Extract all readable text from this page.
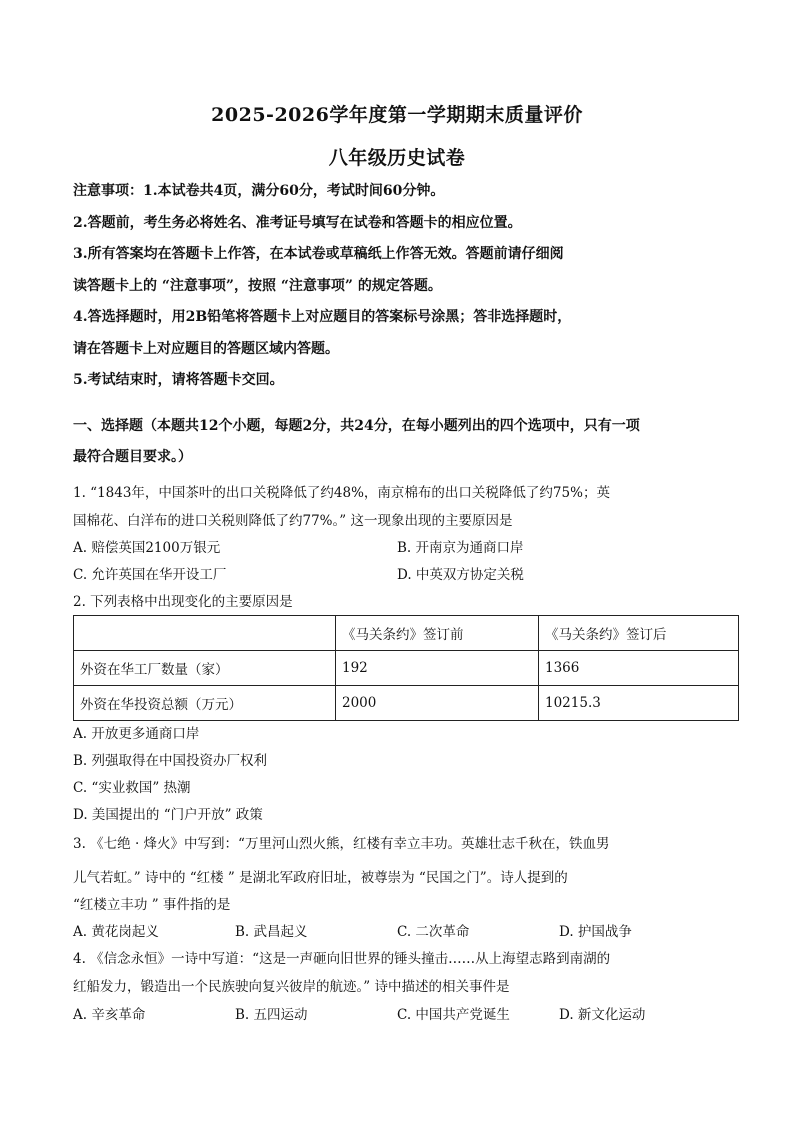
2025-2026学年度第一学期期末质量评价
八年级历史试卷
注意事项：1.本试卷共4页，满分60分，考试时间60分钟。
2.答题前，考生务必将姓名、准考证号填写在试卷和答题卡的相应位置。
3.所有答案均在答题卡上作答，在本试卷或草稿纸上作答无效。答题前请仔细阅
读答题卡上的 “注意事项”，按照 “注意事项” 的规定答题。
4.答选择题时，用2B铅笔将答题卡上对应题目的答案标号涂黑；答非选择题时，
请在答题卡上对应题目的答题区域内答题。
5.考试结束时，请将答题卡交回。
一、选择题（本题共12个小题，每题2分，共24分，在每小题列出的四个选项中，只有一项
最符合题目要求。）
1. “1843年，中国茶叶的出口关税降低了约48%，南京棉布的出口关税降低了约75%；英
国棉花、白洋布的进口关税则降低了约77%。” 这一现象出现的主要原因是
A. 赔偿英国2100万银元	B. 开南京为通商口岸
C. 允许英国在华开设工厂	D. 中英双方协定关税
2. 下列表格中出现变化的主要原因是
	《马关条约》签订前	《马关条约》签订后
外资在华工厂数量（家）	192	1366
外资在华投资总额（万元）	2000	10215.3
A. 开放更多通商口岸
B. 列强取得在中国投资办厂权利
C. “实业救国” 热潮
D. 美国提出的 “门户开放” 政策
3. 《七绝 · 烽火》中写到：“万里河山烈火熊，红楼有幸立丰功。英雄壮志千秋在，铁血男
儿气若虹。” 诗中的 “红楼 ” 是湖北军政府旧址，被尊崇为 “民国之门”。诗人提到的
“红楼立丰功 ” 事件指的是
A. 黄花岗起义	B. 武昌起义	C. 二次革命	D. 护国战争
4. 《信念永恒》一诗中写道：“这是一声砸向旧世界的锤头撞击……从上海望志路到南湖的
红船发力，锻造出一个民族驶向复兴彼岸的航迹。” 诗中描述的相关事件是
A. 辛亥革命	B. 五四运动	C. 中国共产党诞生	D. 新文化运动
